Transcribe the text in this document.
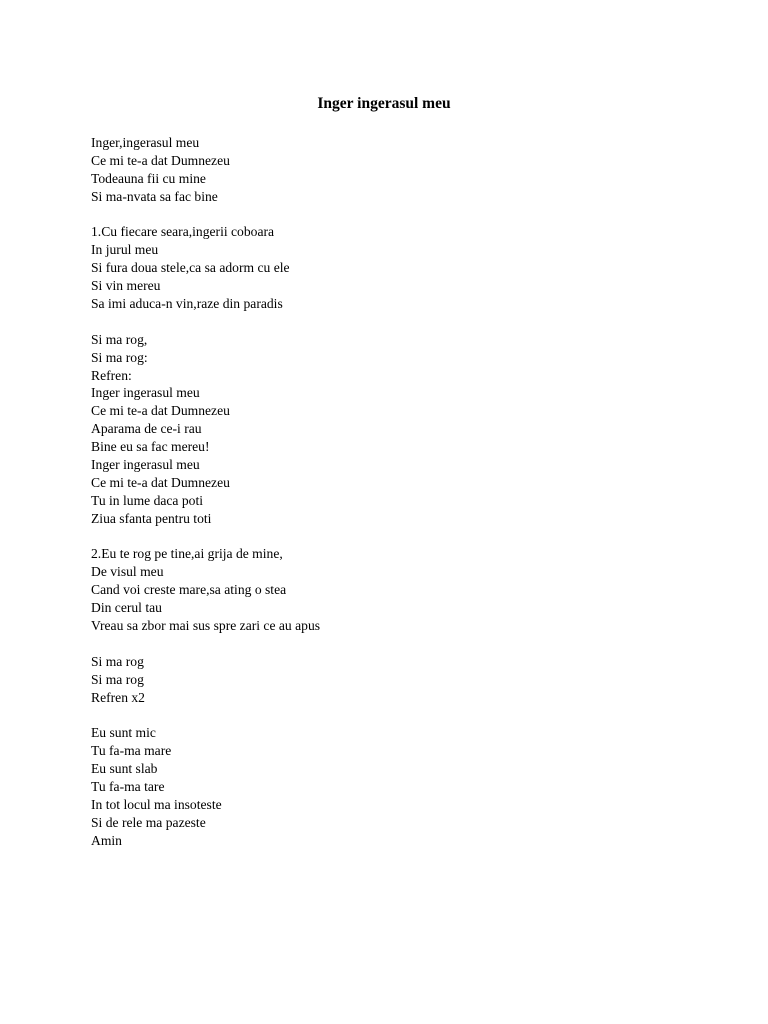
Inger ingerasul meu
Inger,ingerasul meu
Ce mi te-a dat Dumnezeu
Todeauna fii cu mine
Si ma-nvata sa fac bine
1.Cu fiecare seara,ingerii coboara
In jurul meu
Si fura doua stele,ca sa adorm cu ele
Si vin mereu
Sa imi aduca-n vin,raze din paradis
Si ma rog,
Si ma rog:
Refren:
Inger ingerasul meu
Ce mi te-a dat Dumnezeu
Aparama de ce-i rau
Bine eu sa fac mereu!
Inger ingerasul meu
Ce mi te-a dat Dumnezeu
Tu in lume daca poti
Ziua sfanta pentru toti
2.Eu te rog pe tine,ai grija de mine,
De visul meu
Cand voi creste mare,sa ating o stea
Din cerul tau
Vreau sa zbor mai sus spre zari ce au apus
Si ma rog
Si ma rog
Refren x2
Eu sunt mic
Tu fa-ma mare
Eu sunt slab
Tu fa-ma tare
In tot locul ma insoteste
Si de rele ma pazeste
Amin
